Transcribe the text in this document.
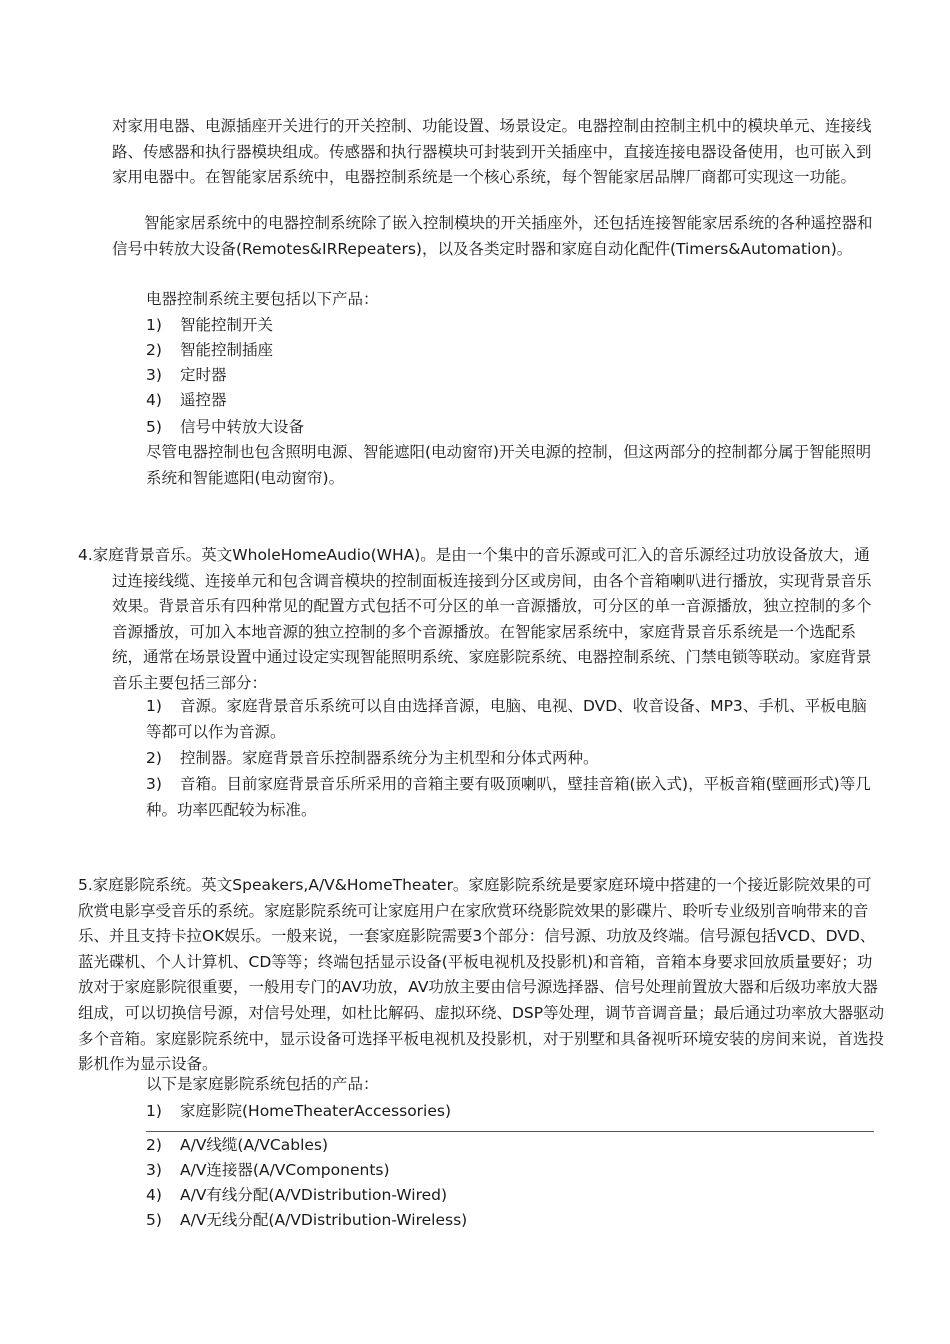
对家用电器、电源插座开关进行的开关控制、功能设置、场景设定。电器控制由控制主机中的模块单元、连接线路、传感器和执行器模块组成。传感器和执行器模块可封装到开关插座中，直接连接电器设备使用，也可嵌入到家用电器中。在智能家居系统中，电器控制系统是一个核心系统，每个智能家居品牌厂商都可实现这一功能。

智能家居系统中的电器控制系统除了嵌入控制模块的开关插座外，还包括连接智能家居系统的各种遥控器和信号中转放大设备(Remotes&IRRepeaters)，以及各类定时器和家庭自动化配件(Timers&Automation)。

电器控制系统主要包括以下产品：

1) 智能控制开关
2) 智能控制插座
3) 定时器
4) 遥控器
5) 信号中转放大设备

尽管电器控制也包含照明电源、智能遮阳(电动窗帘)开关电源的控制，但这两部分的控制都分属于智能照明系统和智能遮阳(电动窗帘)。

4.家庭背景音乐。英文WholeHomeAudio(WHA)。是由一个集中的音乐源或可汇入的音乐源经过功放设备放大，通过连接线缆、连接单元和包含调音模块的控制面板连接到分区或房间，由各个音箱喇叭进行播放，实现背景音乐效果。背景音乐有四种常见的配置方式包括不可分区的单一音源播放，可分区的单一音源播放，独立控制的多个音源播放，可加入本地音源的独立控制的多个音源播放。在智能家居系统中，家庭背景音乐系统是一个选配系统，通常在场景设置中通过设定实现智能照明系统、家庭影院系统、电器控制系统、门禁电锁等联动。家庭背景音乐主要包括三部分：

1) 音源。家庭背景音乐系统可以自由选择音源，电脑、电视、DVD、收音设备、MP3、手机、平板电脑等都可以作为音源。
2) 控制器。家庭背景音乐控制器系统分为主机型和分体式两种。
3) 音箱。目前家庭背景音乐所采用的音箱主要有吸顶喇叭，壁挂音箱(嵌入式)，平板音箱(壁画形式)等几种。功率匹配较为标准。

5.家庭影院系统。英文Speakers,A/V&HomeTheater。家庭影院系统是要家庭环境中搭建的一个接近影院效果的可欣赏电影享受音乐的系统。家庭影院系统可让家庭用户在家欣赏环绕影院效果的影碟片、聆听专业级别音响带来的音乐、并且支持卡拉OK娱乐。一般来说，一套家庭影院需要3个部分：信号源、功放及终端。信号源包括VCD、DVD、蓝光碟机、个人计算机、CD等等；终端包括显示设备(平板电视机及投影机)和音箱，音箱本身要求回放质量要好；功放对于家庭影院很重要，一般用专门的AV功放，AV功放主要由信号源选择器、信号处理前置放大器和后级功率放大器组成，可以切换信号源，对信号处理，如杜比解码、虚拟环绕、DSP等处理，调节音调音量；最后通过功率放大器驱动多个音箱。家庭影院系统中，显示设备可选择平板电视机及投影机，对于别墅和具备视听环境安装的房间来说，首选投影机作为显示设备。

以下是家庭影院系统包括的产品：

1) 家庭影院(HomeTheaterAccessories)
2) A/V线缆(A/VCables)
3) A/V连接器(A/VComponents)
4) A/V有线分配(A/VDistribution-Wired)
5) A/V无线分配(A/VDistribution-Wireless)
